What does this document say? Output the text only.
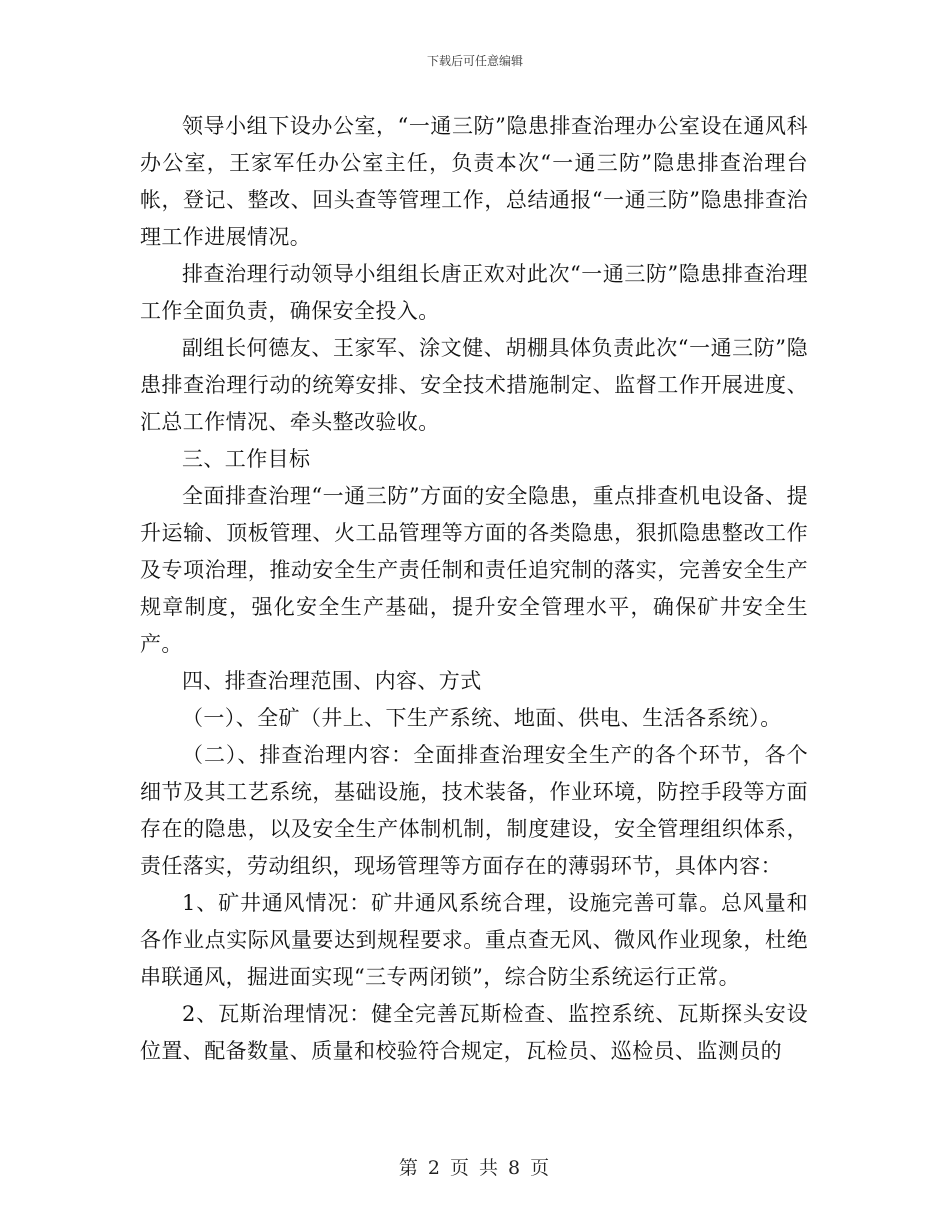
下载后可任意编辑

领导小组下设办公室，“一通三防”隐患排查治理办公室设在通风科办公室，王家军任办公室主任，负责本次“一通三防”隐患排查治理台帐，登记、整改、回头查等管理工作，总结通报“一通三防”隐患排查治理工作进展情况。

排查治理行动领导小组组长唐正欢对此次“一通三防”隐患排查治理工作全面负责，确保安全投入。

副组长何德友、王家军、涂文健、胡棚具体负责此次“一通三防”隐患排查治理行动的统筹安排、安全技术措施制定、监督工作开展进度、汇总工作情况、牵头整改验收。

三、工作目标

全面排查治理“一通三防”方面的安全隐患，重点排查机电设备、提升运输、顶板管理、火工品管理等方面的各类隐患，狠抓隐患整改工作及专项治理，推动安全生产责任制和责任追究制的落实，完善安全生产规章制度，强化安全生产基础，提升安全管理水平，确保矿井安全生产。

四、排查治理范围、内容、方式

（一）、全矿（井上、下生产系统、地面、供电、生活各系统）。

（二）、排查治理内容：全面排查治理安全生产的各个环节，各个细节及其工艺系统，基础设施，技术装备，作业环境，防控手段等方面存在的隐患，以及安全生产体制机制，制度建设，安全管理组织体系，责任落实，劳动组织，现场管理等方面存在的薄弱环节，具体内容：

1、矿井通风情况：矿井通风系统合理，设施完善可靠。总风量和各作业点实际风量要达到规程要求。重点查无风、微风作业现象，杜绝串联通风，掘进面实现“三专两闭锁”，综合防尘系统运行正常。

2、瓦斯治理情况：健全完善瓦斯检查、监控系统、瓦斯探头安设位置、配备数量、质量和校验符合规定，瓦检员、巡检员、监测员的

第 2 页 共 8 页
